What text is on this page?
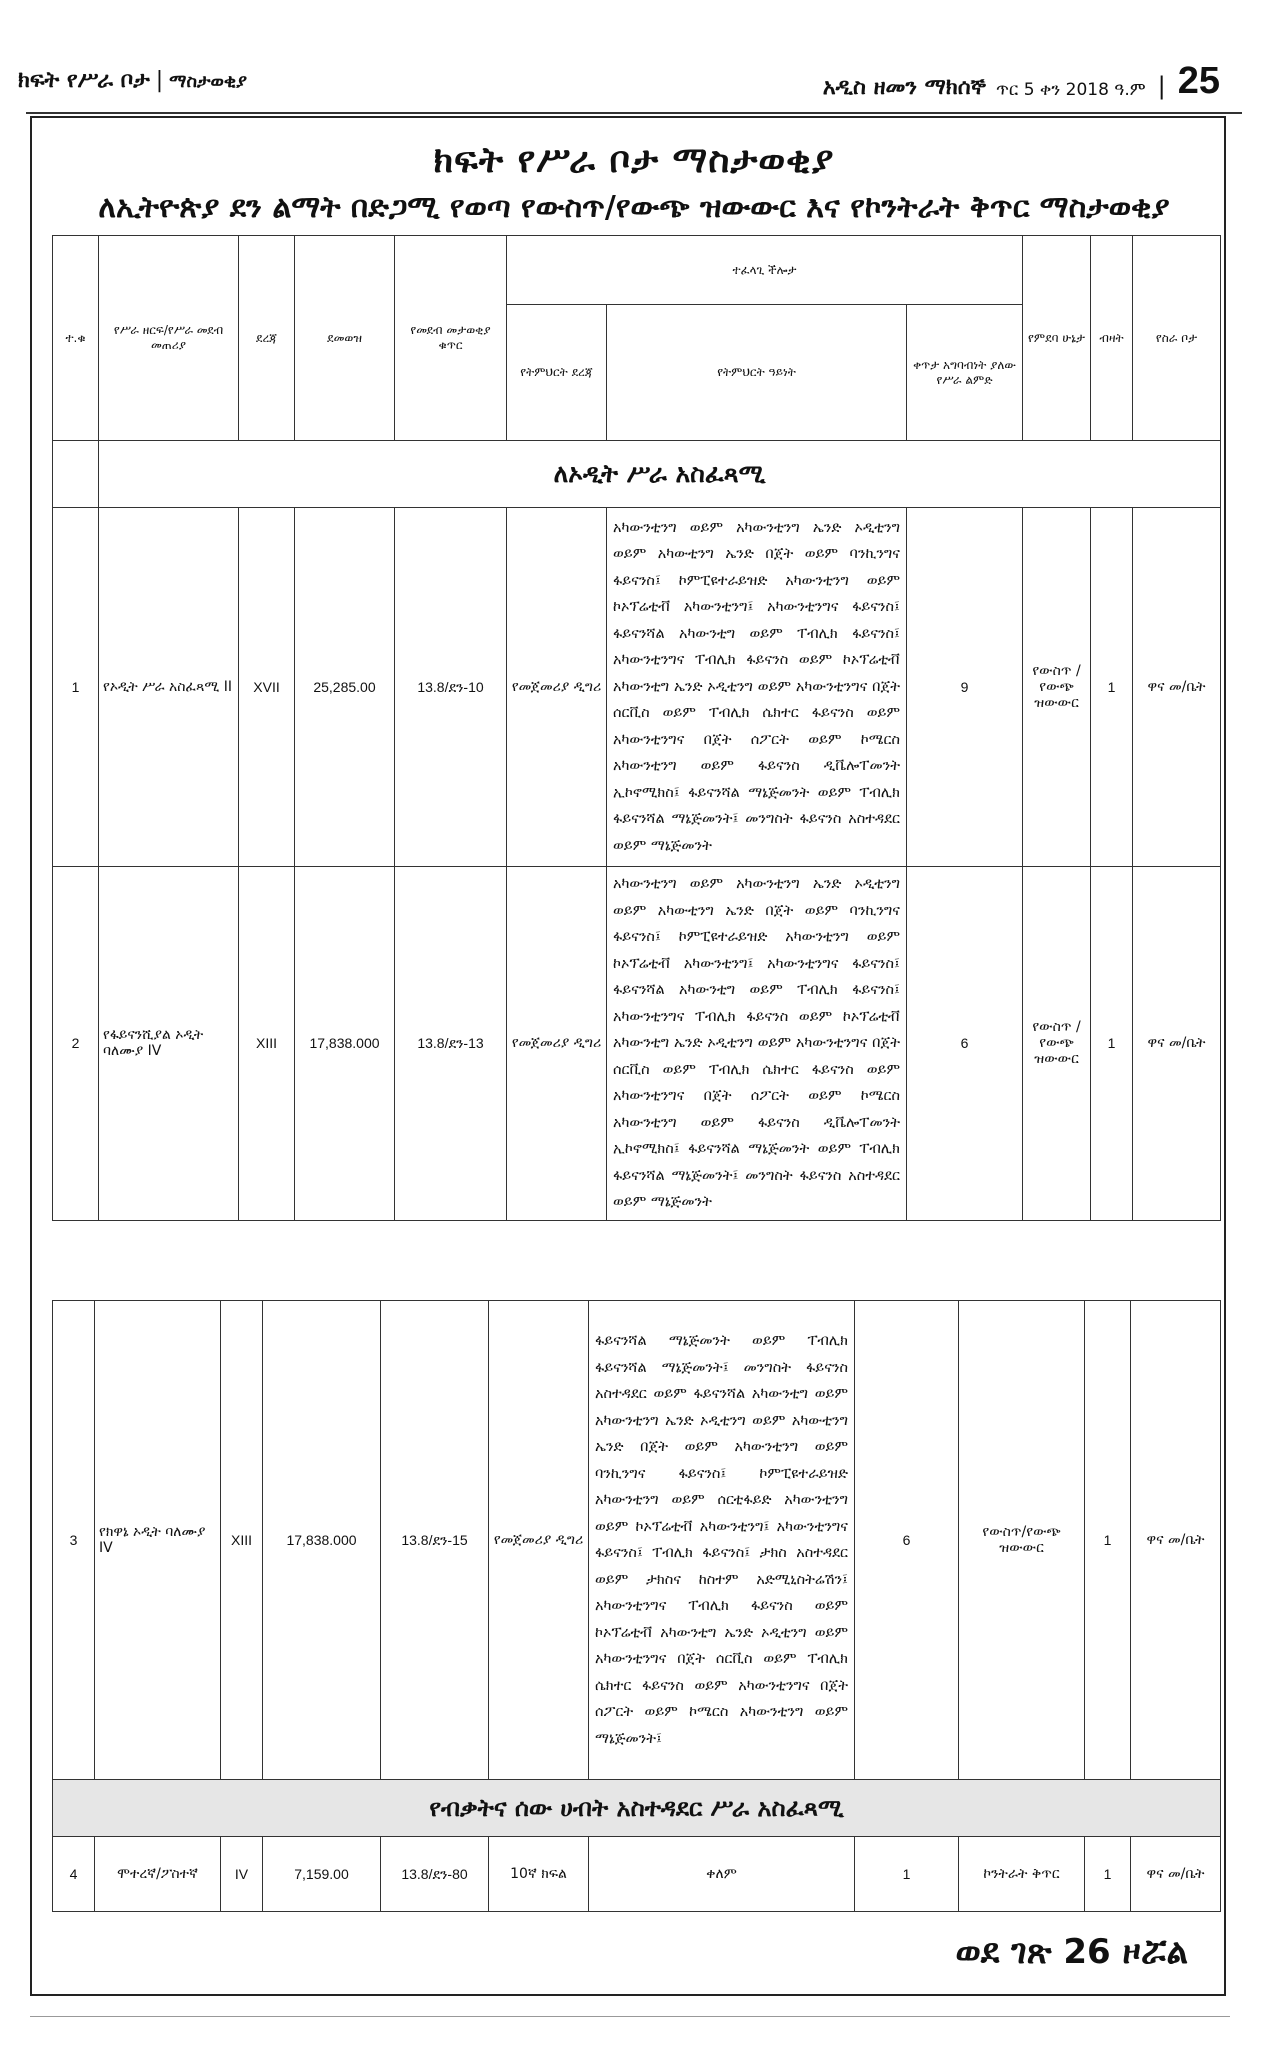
ክፍት የሥራ ቦታ | ማስታወቂያ	አዲስ ዘመን ማክሰኞ ጥር 5 ቀን 2018 ዓ.ም | 25
ክፍት የሥራ ቦታ ማስታወቂያ
ለኢትዮጵያ ደን ልማት በድጋሚ የወጣ የውስጥ/የውጭ ዝውውር እና የኮንትራት ቅጥር ማስታወቂያ
ተ.ቁ	የሥራ ዘርፍ/የሥራ መደብ መጠሪያ	ደረጃ	ደመወዝ	የመደብ መታወቂያ ቁጥር	ተፈላጊ ችሎታ			የምደባ ሁኔታ	ብዛት	የስራ ቦታ
					የትምህርት ደረጃ	የትምህርት ዓይነት	ቀጥታ አግባብነት ያለው የሥራ ልምድ			
	ለኦዲት ሥራ አስፈጻሚ									
1	የኦዲት ሥራ አስፈጻሚ II	XVII	25,285.00	13.8/ደን-10	የመጀመሪያ ዲግሪ	አካውንቲንግ ወይም አካውንቲንግ ኤንድ ኦዲቲንግ ወይም አካውቲንግ ኤንድ በጀት ወይም ባንኪንግና ፋይናንስ፤ ኮምፒዩተራይዝድ አካውንቲንግ ወይም ኮኦፕሬቲቭ አካውንቲንግ፤ አካውንቲንግና ፋይናንስ፤ ፋይናንሻል አካውንቲግ ወይም ፐብሊክ ፋይናንስ፤ አካውንቲንግና ፐብሊክ ፋይናንስ ወይም ኮኦፕሬቲቭ አካውንቲግ ኤንድ ኦዲቲንግ ወይም አካውንቲንግና በጀት ሰርቪስ ወይም ፐብሊክ ሴክተር ፋይናንስ ወይም አካውንቲንግና በጀት ሰፖርት ወይም ኮሜርስ አካውንቲንግ ወይም ፋይናንስ ዲቬሎፐመንት ኢኮኖሚክስ፤ ፋይናንሻል ማኔጅመንት ወይም ፐብሊክ ፋይናንሻል ማኔጅመንት፤ መንግስት ፋይናንስ አስተዳደር ወይም ማኔጅመንት	9	የውስጥ / የውጭ ዝውውር	1	ዋና መ/ቤት
2	የፋይናንሺያል ኦዲት ባለሙያ IV	XIII	17,838.000	13.8/ደን-13	የመጀመሪያ ዲግሪ	አካውንቲንግ ወይም አካውንቲንግ ኤንድ ኦዲቲንግ ወይም አካውቲንግ ኤንድ በጀት ወይም ባንኪንግና ፋይናንስ፤ ኮምፒዩተራይዝድ አካውንቲንግ ወይም ኮኦፕሬቲቭ አካውንቲንግ፤ አካውንቲንግና ፋይናንስ፤ ፋይናንሻል አካውንቲግ ወይም ፐብሊክ ፋይናንስ፤ አካውንቲንግና ፐብሊክ ፋይናንስ ወይም ኮኦፕሬቲቭ አካውንቲግ ኤንድ ኦዲቲንግ ወይም አካውንቲንግና በጀት ሰርቪስ ወይም ፐብሊክ ሴክተር ፋይናንስ ወይም አካውንቲንግና በጀት ሰፖርት ወይም ኮሜርስ አካውንቲንግ ወይም ፋይናንስ ዲቬሎፐመንት ኢኮኖሚክስ፤ ፋይናንሻል ማኔጅመንት ወይም ፐብሊክ ፋይናንሻል ማኔጅመንት፤ መንግስት ፋይናንስ አስተዳደር ወይም ማኔጅመንት	6	የውስጥ / የውጭ ዝውውር	1	ዋና መ/ቤት
3	የክዋኔ ኦዲት ባለሙያ IV	XIII	17,838.000	13.8/ደን-15	የመጀመሪያ ዲግሪ	ፋይናንሻል ማኔጅመንት ወይም ፐብሊክ ፋይናንሻል ማኔጅመንት፤ መንግስት ፋይናንስ አስተዳደር ወይም ፋይናንሻል አካውንቲግ ወይም አካውንቲንግ ኤንድ ኦዲቲንግ ወይም አካውቲንግ ኤንድ በጀት ወይም አካውንቲንግ ወይም ባንኪንግና ፋይናንስ፤ ኮምፒዩተራይዝድ አካውንቲንግ ወይም ሰርቲፋይድ አካውንቲንግ ወይም ኮኦፕሬቲቭ አካውንቲንግ፤ አካውንቲንግና ፋይናንስ፤ ፐብሊክ ፋይናንስ፤ ታክስ አስተዳደር ወይም ታክስና ከስተም አድሚኒስትሬሽን፤ አካውንቲንግና ፐብሊክ ፋይናንስ ወይም ኮኦፕሬቲቭ አካውንቲግ ኤንድ ኦዲቲንግ ወይም አካውንቲንግና በጀት ሰርቪስ ወይም ፐብሊክ ሴክተር ፋይናንስ ወይም አካውንቲንግና በጀት ሰፖርት ወይም ኮሜርስ አካውንቲንግ ወይም ማኔጅመንት፤	6	የውስጥ/የውጭ ዝውውር	1	ዋና መ/ቤት
የብቃትና ሰው ሀብት አስተዳደር ሥራ አስፈጻሚ										
4	ሞተረኛ/ፖስተኛ	IV	7,159.00	13.8/ደን-80	10ኛ ክፍል	ቀለም	1	ኮንትራት ቅጥር	1	ዋና መ/ቤት
ወደ ገጽ 26 ዞሯል
